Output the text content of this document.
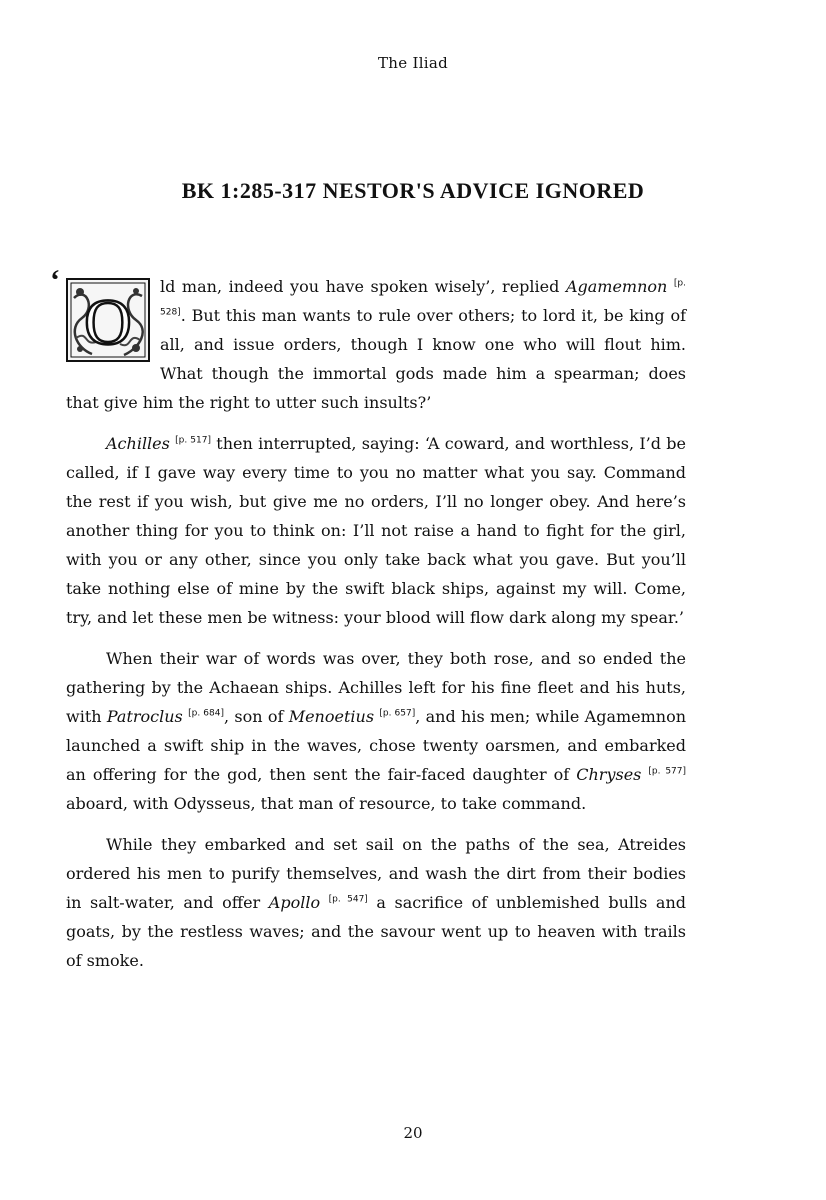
The Iliad
BK 1:285-317 NESTOR'S ADVICE IGNORED

‘
O ld man, indeed you have spoken wisely’, replied Agamemnon [p. 528]. But this man wants to rule over others; to lord it, be king of all, and issue orders, though I know one who will flout him. What though the immortal gods made him a spearman; does that give him the right to utter such insults?’

Achilles [p. 517] then interrupted, saying: ‘A coward, and worthless, I’d be called, if I gave way every time to you no matter what you say. Command the rest if you wish, but give me no orders, I’ll no longer obey. And here’s another thing for you to think on: I’ll not raise a hand to fight for the girl, with you or any other, since you only take back what you gave. But you’ll take nothing else of mine by the swift black ships, against my will. Come, try, and let these men be witness: your blood will flow dark along my spear.’

When their war of words was over, they both rose, and so ended the gathering by the Achaean ships. Achilles left for his fine fleet and his huts, with Patroclus [p. 684], son of Menoetius [p. 657], and his men; while Agamemnon launched a swift ship in the waves, chose twenty oarsmen, and embarked an offering for the god, then sent the fair-faced daughter of Chryses [p. 577] aboard, with Odysseus, that man of resource, to take command.

While they embarked and set sail on the paths of the sea, Atreides ordered his men to purify themselves, and wash the dirt from their bodies in salt-water, and offer Apollo [p. 547] a sacrifice of unblemished bulls and goats, by the restless waves; and the savour went up to heaven with trails of smoke.

20
